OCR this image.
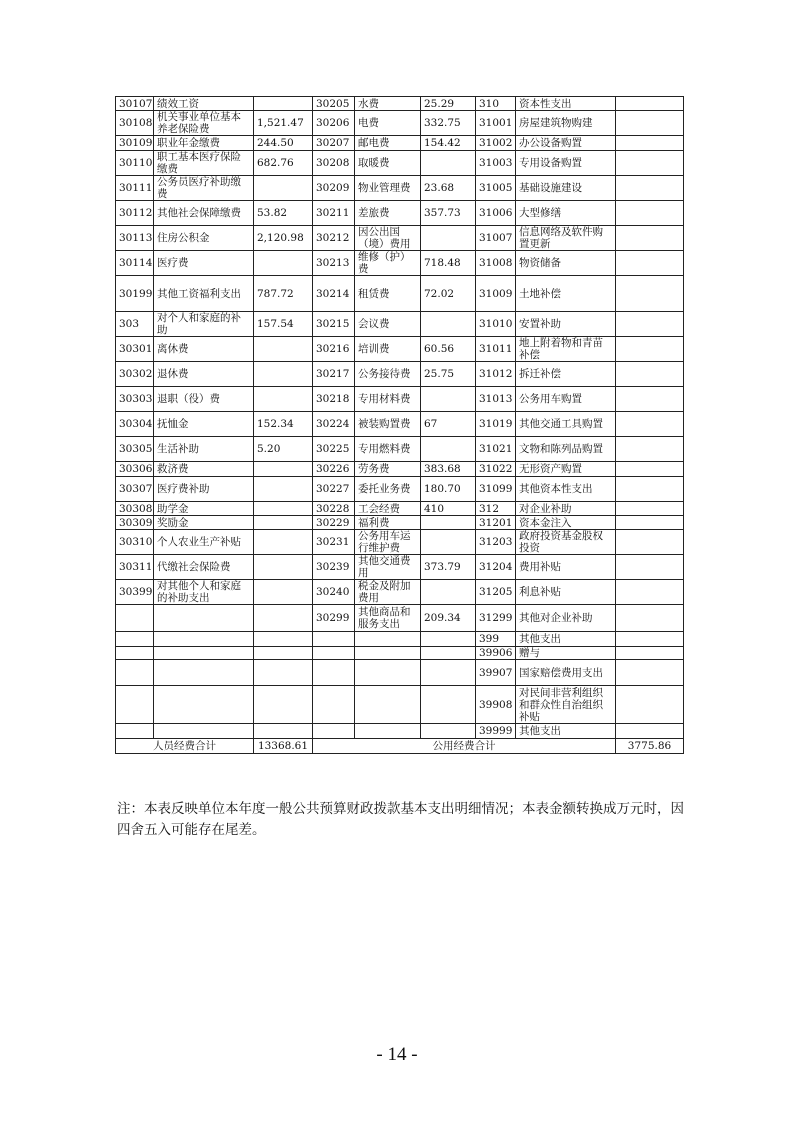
30107	绩效工资		30205	水费	25.29	310	资本性支出	
30108	机关事业单位基本养老保险费	1,521.47	30206	电费	332.75	31001	房屋建筑物购建	
30109	职业年金缴费	244.50	30207	邮电费	154.42	31002	办公设备购置	
30110	职工基本医疗保险缴费	682.76	30208	取暖费		31003	专用设备购置	
30111	公务员医疗补助缴费		30209	物业管理费	23.68	31005	基础设施建设	
30112	其他社会保障缴费	53.82	30211	差旅费	357.73	31006	大型修缮	
30113	住房公积金	2,120.98	30212	因公出国（境）费用		31007	信息网络及软件购置更新	
30114	医疗费		30213	维修（护）费	718.48	31008	物资储备	
30199	其他工资福利支出	787.72	30214	租赁费	72.02	31009	土地补偿	
303	对个人和家庭的补助	157.54	30215	会议费		31010	安置补助	
30301	离休费		30216	培训费	60.56	31011	地上附着物和青苗补偿	
30302	退休费		30217	公务接待费	25.75	31012	拆迁补偿	
30303	退职（役）费		30218	专用材料费		31013	公务用车购置	
30304	抚恤金	152.34	30224	被装购置费	67	31019	其他交通工具购置	
30305	生活补助	5.20	30225	专用燃料费		31021	文物和陈列品购置	
30306	救济费		30226	劳务费	383.68	31022	无形资产购置	
30307	医疗费补助		30227	委托业务费	180.70	31099	其他资本性支出	
30308	助学金		30228	工会经费	410	312	对企业补助	
30309	奖励金		30229	福利费		31201	资本金注入	
30310	个人农业生产补贴		30231	公务用车运行维护费		31203	政府投资基金股权投资	
30311	代缴社会保险费		30239	其他交通费用	373.79	31204	费用补贴	
30399	对其他个人和家庭的补助支出		30240	税金及附加费用		31205	利息补贴	
			30299	其他商品和服务支出	209.34	31299	其他对企业补助	
						399	其他支出	
						39906	赠与	
						39907	国家赔偿费用支出	
						39908	对民间非营利组织和群众性自治组织补贴	
						39999	其他支出	
人员经费合计		13368.61	公用经费合计					3775.86
注：本表反映单位本年度一般公共预算财政拨款基本支出明细情况；本表金额转换成万元时，因四舍五入可能存在尾差。
- 14 -
